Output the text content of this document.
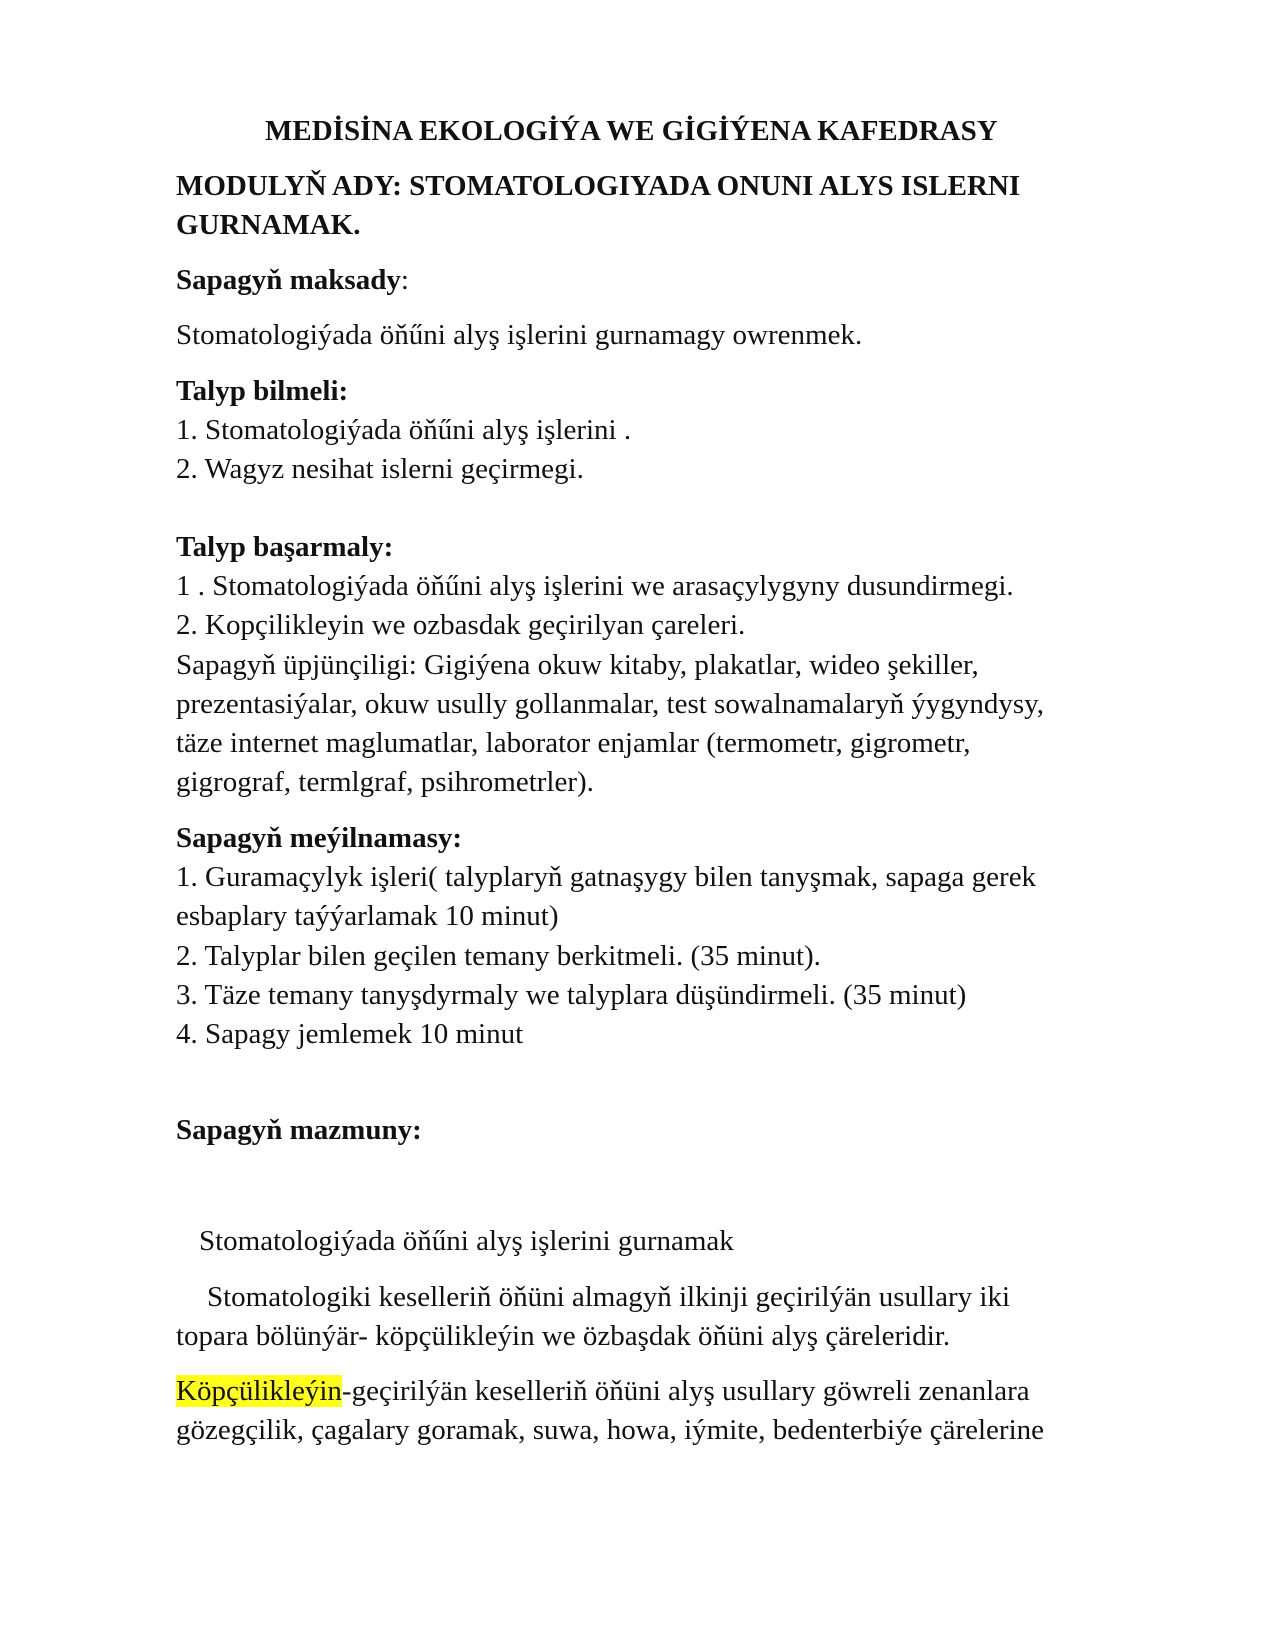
MEDİSİNA EKOLOGİÝA WE GİGİÝENA KAFEDRASY
MODULYŇ ADY: STOMATOLOGIYADA ONUNI ALYS ISLERNI
GURNAMAK.
Sapagyň maksady:
Stomatologiýada öňűni alyş işlerini gurnamagy owrenmek.
Talyp bilmeli:
1. Stomatologiýada öňűni alyş işlerini .
2. Wagyz nesihat islerni geçirmegi.
Talyp başarmaly:
1 . Stomatologiýada öňűni alyş işlerini we arasaçylygyny dusundirmegi.
2. Kopçilikleyin we ozbasdak geçirilyan çareleri.
Sapagyň üpjünçiligi: Gigiýena okuw kitaby, plakatlar, wideo şekiller,
prezentasiýalar, okuw usully gollanmalar, test sowalnamalaryň ýygyndysy,
täze internet maglumatlar, laborator enjamlar (termometr, gigrometr,
gigrograf, termlgraf, psihrometrler).
Sapagyň meýilnamasy:
1. Guramaçylyk işleri( talyplaryň gatnaşygy bilen tanyşmak, sapaga gerek
esbaplary taýýarlamak 10 minut)
2. Talyplar bilen geçilen temany berkitmeli. (35 minut).
3. Täze temany tanyşdyrmaly we talyplara düşündirmeli. (35 minut)
4. Sapagy jemlemek 10 minut
Sapagyň mazmuny:
Stomatologiýada öňűni alyş işlerini gurnamak
Stomatologiki keselleriň öňüni almagyň ilkinji geçirilýän usullary iki
topara bölünýär- köpçülikleýin we özbaşdak öňüni alyş çäreleridir.
Köpçülikleýin-geçirilýän keselleriň öňüni alyş usullary göwreli zenanlara
gözegçilik, çagalary goramak, suwa, howa, iýmite, bedenterbiýe çärelerine
